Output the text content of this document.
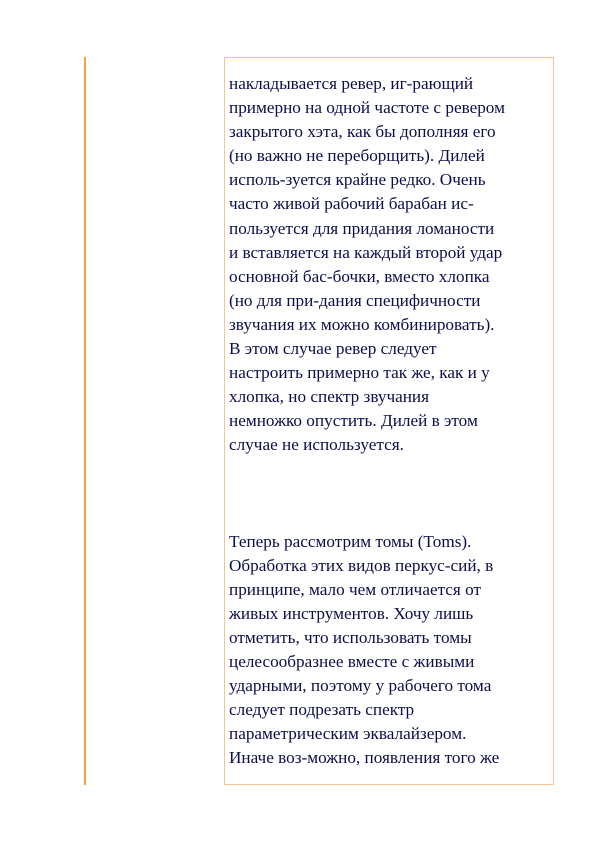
накладывается ревер, иг-рающий
примерно на одной частоте с ревером
закрытого хэта, как бы дополняя его
(но важно не переборщить). Дилей
исполь-зуется крайне редко. Очень
часто живой рабочий барабан ис-
пользуется для придания ломаности
и вставляется на каждый второй удар
основной бас-бочки, вместо хлопка
(но для при-дания специфичности
звучания их можно комбинировать).
В этом случае ревер следует
настроить примерно так же, как и у
хлопка, но спектр звучания
немножко опустить. Дилей в этом
случае не используется.
Теперь рассмотрим томы (Toms).
Обработка этих видов перкус-сий, в
принципе, мало чем отличается от
живых инструментов. Хочу лишь
отметить, что использовать томы
целесообразнее вместе с живыми
ударными, поэтому у рабочего тома
следует подрезать спектр
параметрическим эквалайзером.
Иначе воз-можно, появления того же
